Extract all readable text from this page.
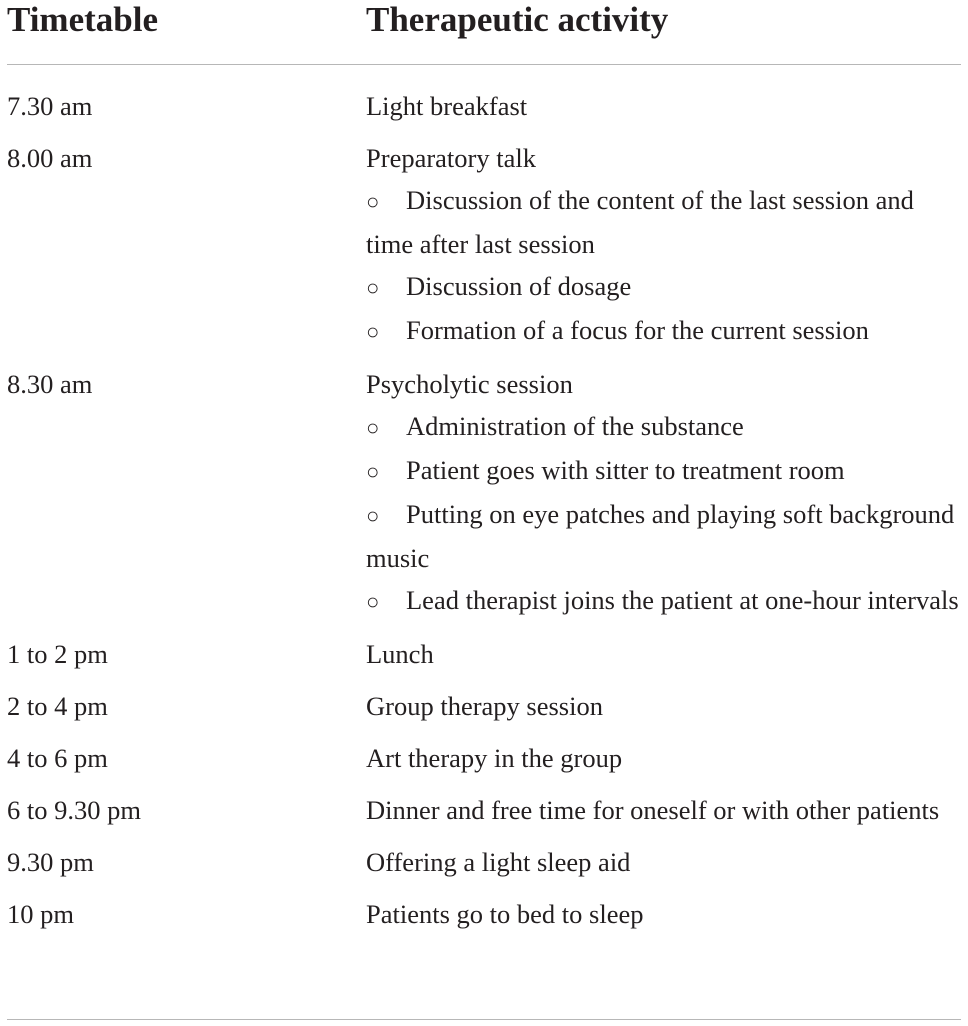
Timetable	Therapeutic activity
7.30 am	Light breakfast
8.00 am	Preparatory talk
○ Discussion of the content of the last session and time after last session
○ Discussion of dosage
○ Formation of a focus for the current session
8.30 am	Psycholytic session
○ Administration of the substance
○ Patient goes with sitter to treatment room
○ Putting on eye patches and playing soft background music
○ Lead therapist joins the patient at one-hour intervals
1 to 2 pm	Lunch
2 to 4 pm	Group therapy session
4 to 6 pm	Art therapy in the group
6 to 9.30 pm	Dinner and free time for oneself or with other patients
9.30 pm	Offering a light sleep aid
10 pm	Patients go to bed to sleep
